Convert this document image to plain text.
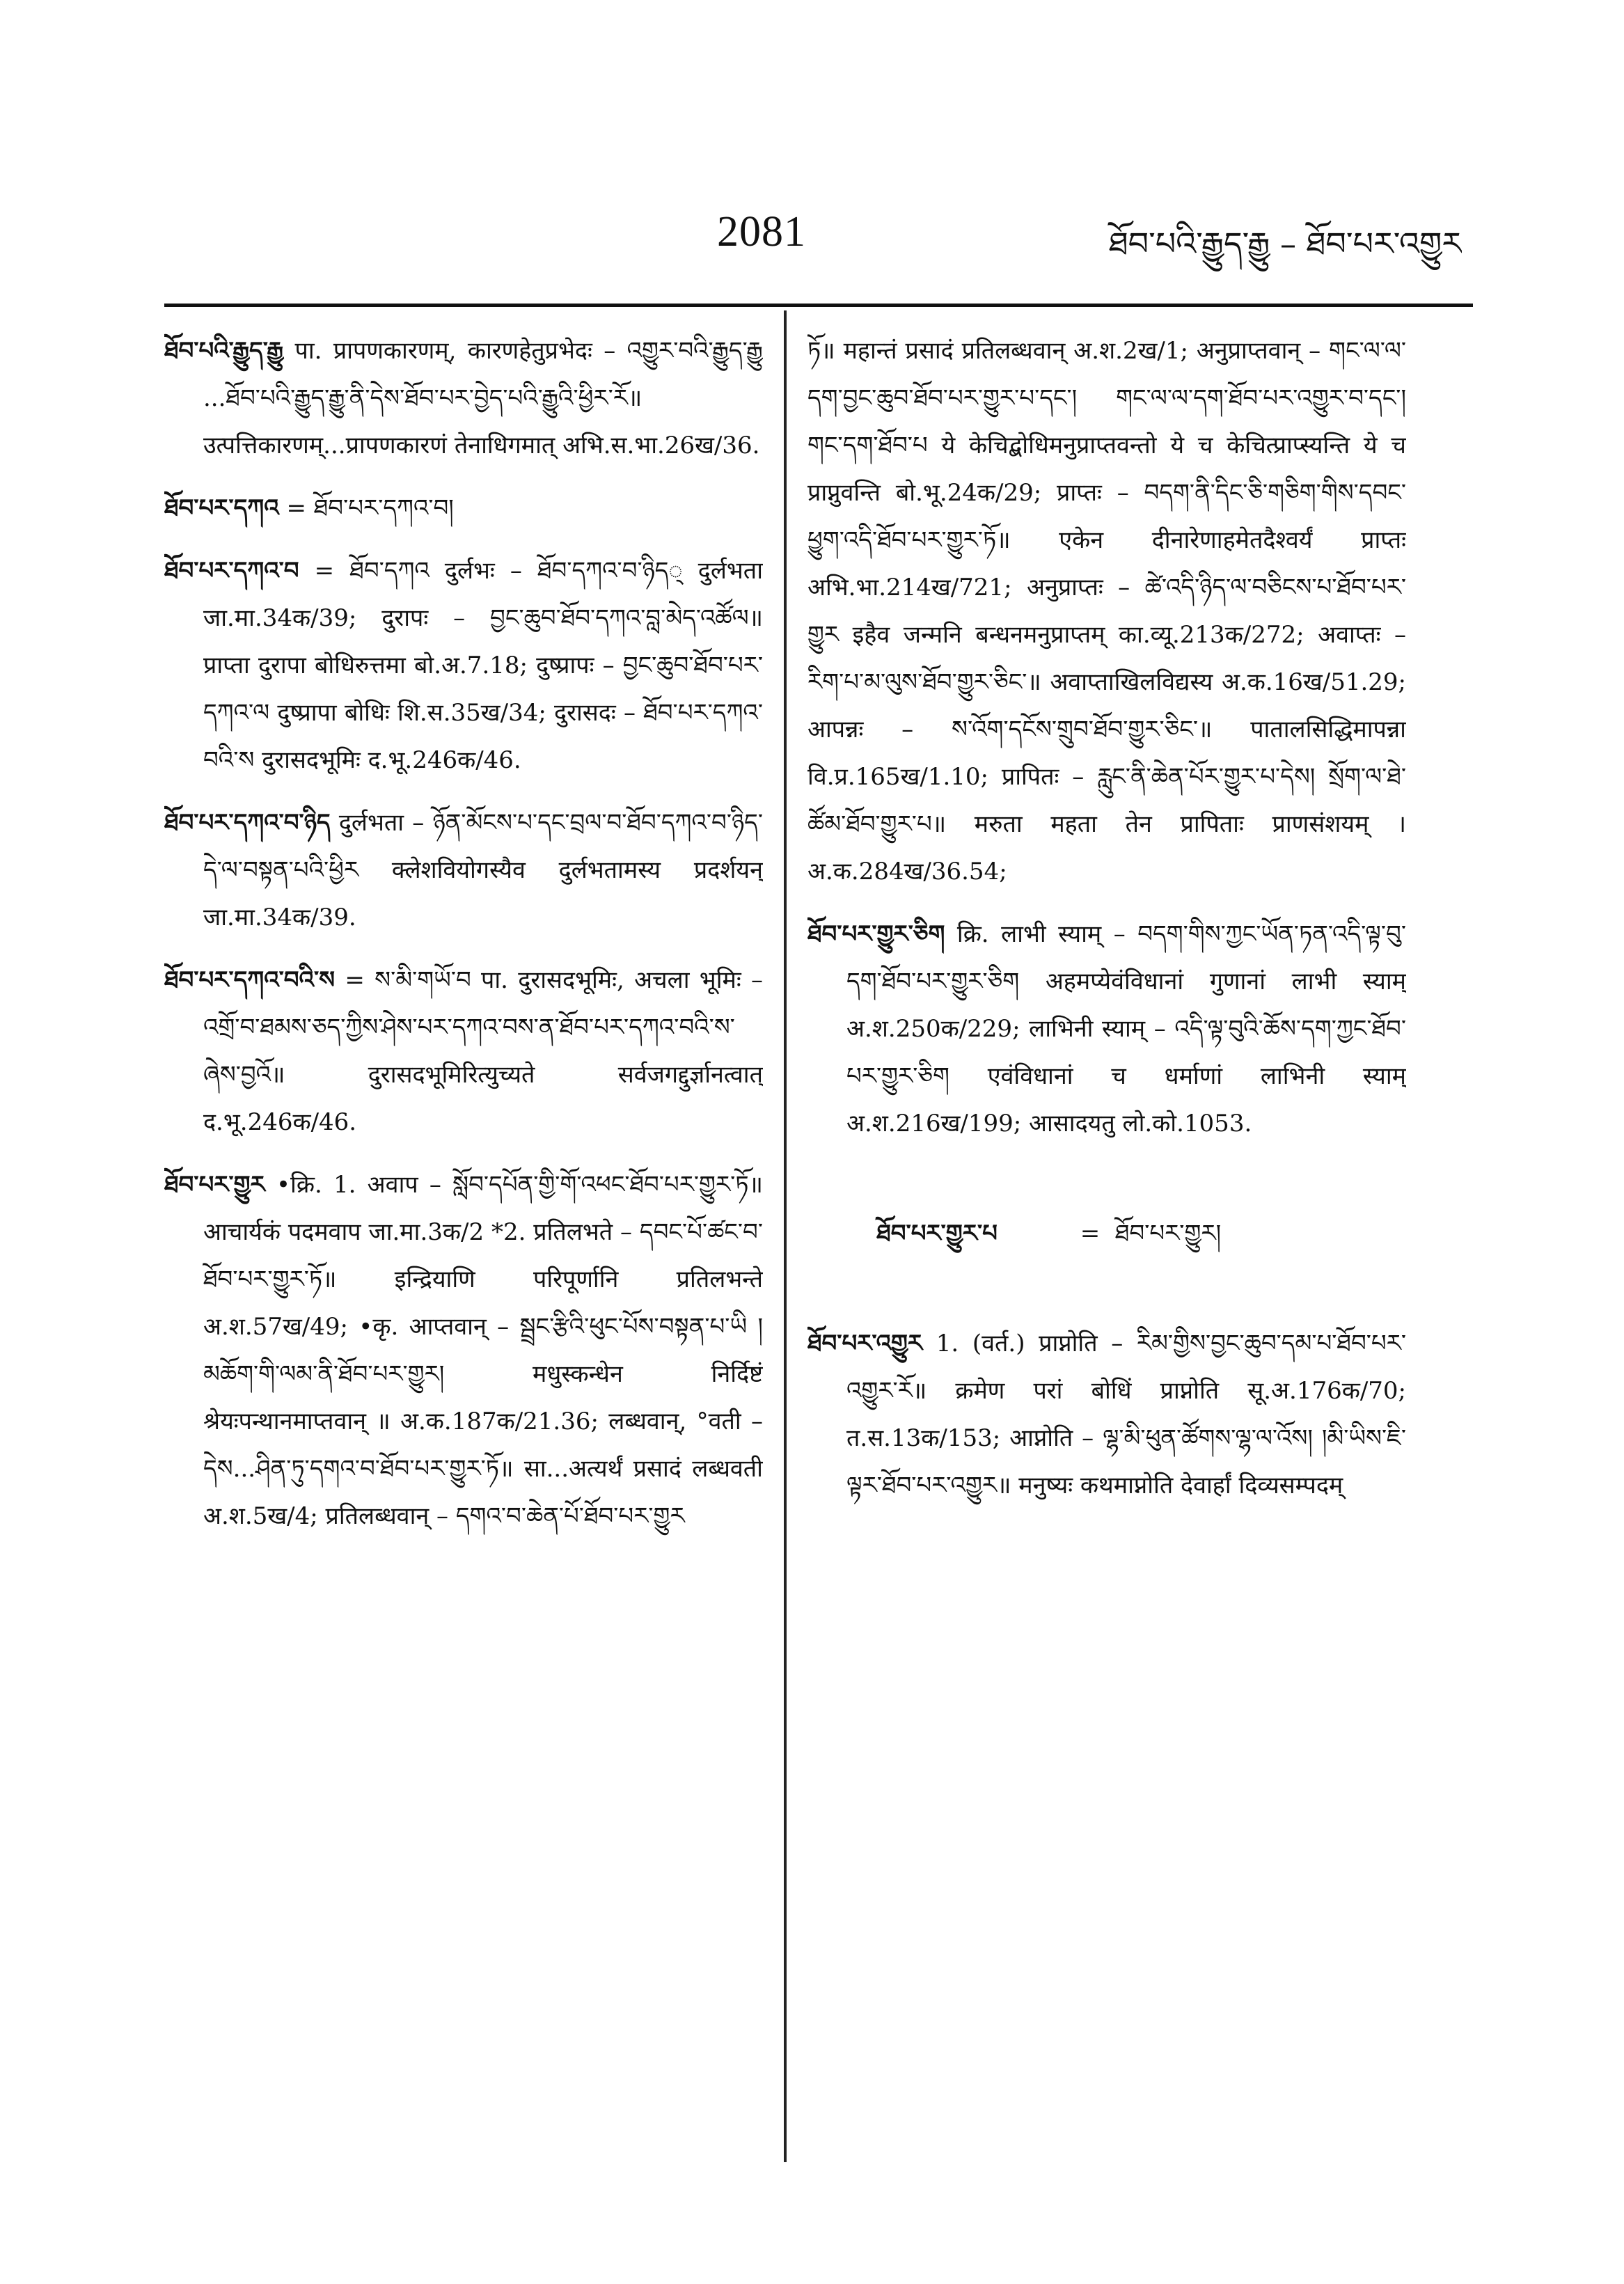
2081	ཐོབ་པའི་རྒྱུད་རྒྱུ – ཐོབ་པར་འགྱུར

ཐོབ་པའི་རྒྱུད་རྒྱུ पा. प्रापणकारणम्, कारणहेतुप्रभेदः – འགྱུར་བའི་རྒྱུད་རྒྱུ ...ཐོབ་པའི་རྒྱུད་རྒྱུ་ནི་དེས་ཐོབ་པར་བྱེད་པའི་རྒྱུའི་ཕྱིར་རོ॥ उत्पत्तिकारणम्...प्रापणकारणं तेनाधिगमात् अभि.स.भा.26ख/36.

ཐོབ་པར་དཀའ = ཐོབ་པར་དཀའ་བ།

ཐོབ་པར་དཀའ་བ = ཐོབ་དཀའ दुर्लभः – ཐོབ་དཀའ་བ་ཉིད् दुर्लभता जा.मा.34क/39; दुरापः – བྱང་ཆུབ་ཐོབ་དཀའ་བླ་མེད་འཚོལ॥ प्राप्ता दुरापा बोधिरुत्तमा बो.अ.7.18; दुष्प्रापः – བྱང་ཆུབ་ཐོབ་པར་དཀའ་ལ दुष्प्रापा बोधिः शि.स.35ख/34; दुरासदः – ཐོབ་པར་དཀའ་བའི་ས दुरासदभूमिः द.भू.246क/46.

ཐོབ་པར་དཀའ་བ་ཉིད दुर्लभता – ཉོན་མོངས་པ་དང་བྲལ་བ་ཐོབ་དཀའ་བ་ཉིད་དེ་ལ་བསྟན་པའི་ཕྱིར क्लेशवियोगस्यैव दुर्लभतामस्य प्रदर्शयन् जा.मा.34क/39.

ཐོབ་པར་དཀའ་བའི་ས = ས་མི་གཡོ་བ पा. दुरासदभूमिः, अचला भूमिः – འགྲོ་བ་ཐམས་ཅད་ཀྱིས་ཤེས་པར་དཀའ་བས་ན་ཐོབ་པར་དཀའ་བའི་ས་ཞེས་བྱའོ॥ दुरासदभूमिरित्युच्यते सर्वजगद्दुर्ज्ञानत्वात् द.भू.246क/46.

ཐོབ་པར་གྱུར •क्रि. 1. अवाप – སློབ་དཔོན་གྱི་གོ་འཕང་ཐོབ་པར་གྱུར་ཏོ॥ आचार्यकं पदमवाप जा.मा.3क/2 *2. प्रतिलभते – དབང་པོ་ཚང་བ་ཐོབ་པར་གྱུར་ཏོ॥ इन्द्रियाणि परिपूर्णानि प्रतिलभन्ते अ.श.57ख/49; •कृ. आप्तवान् – སྦྲང་རྩིའི་ཕུང་པོས་བསྟན་པ་ཡི །མཆོག་གི་ལམ་ནི་ཐོབ་པར་གྱུར། मधुस्कन्धेन निर्दिष्टं श्रेयःपन्थानमाप्तवान् ॥ अ.क.187क/21.36; लब्धवान्, °वती – དེས...ཤིན་ཏུ་དགའ་བ་ཐོབ་པར་གྱུར་ཏོ॥ सा...अत्यर्थं प्रसादं लब्धवती अ.श.5ख/4; प्रतिलब्धवान् – དགའ་བ་ཆེན་པོ་ཐོབ་པར་གྱུར

ཏོ॥ महान्तं प्रसादं प्रतिलब्धवान् अ.श.2ख/1; अनुप्राप्तवान् – གང་ལ་ལ་དག་བྱང་ཆུབ་ཐོབ་པར་གྱུར་པ་དང་། གང་ལ་ལ་དག་ཐོབ་པར་འགྱུར་བ་དང་། གང་དག་ཐོབ་པ ये केचिद्बोधिमनुप्राप्तवन्तो ये च केचित्प्राप्स्यन्ति ये च प्राप्नुवन्ति बो.भू.24क/29; प्राप्तः – བདག་ནི་དིང་ཅི་གཅིག་གིས་དབང་ཕྱུག་འདི་ཐོབ་པར་གྱུར་ཏོ॥ एकेन दीनारेणाहमेतदैश्वर्यं प्राप्तः अभि.भा.214ख/721; अनुप्राप्तः – ཚེ་འདི་ཉིད་ལ་བཅིངས་པ་ཐོབ་པར་གྱུར इहैव जन्मनि बन्धनमनुप्राप्तम् का.व्यू.213क/272; अवाप्तः – རིག་པ་མ་ལུས་ཐོབ་གྱུར་ཅིང་॥ अवाप्ताखिलविद्यस्य अ.क.16ख/51.29; आपन्नः – ས་འོག་དངོས་གྲུབ་ཐོབ་གྱུར་ཅིང་॥ पातालसिद्धिमापन्ना वि.प्र.165ख/1.10; प्रापितः – རླུང་ནི་ཆེན་པོར་གྱུར་པ་དེས། སྲོག་ལ་ཐེ་ཚོམ་ཐོབ་གྱུར་པ॥ मरुता महता तेन प्रापिताः प्राणसंशयम् । अ.क.284ख/36.54;

ཐོབ་པར་གྱུར་ཅིག क्रि. लाभी स्याम् – བདག་གིས་ཀྱང་ཡོན་ཏན་འདི་ལྟ་བུ་དག་ཐོབ་པར་གྱུར་ཅིག अहमप्येवंविधानां गुणानां लाभी स्याम् अ.श.250क/229; लाभिनी स्याम् – འདི་ལྟ་བུའི་ཆོས་དག་ཀྱང་ཐོབ་པར་གྱུར་ཅིག एवंविधानां च धर्माणां लाभिनी स्याम् अ.श.216ख/199; आसादयतु लो.को.1053.

ཐོབ་པར་གྱུར་པ           =  ཐོབ་པར་གྱུར།

ཐོབ་པར་འགྱུར 1. (वर्त.) प्राप्नोति – རིམ་གྱིས་བྱང་ཆུབ་དམ་པ་ཐོབ་པར་འགྱུར་རོ॥ क्रमेण परां बोधिं प्राप्नोति सू.अ.176क/70; त.स.13क/153; आप्नोति – ལྷ་མི་ཕུན་ཚོགས་ལྷ་ལ་འོས། །མི་ཡིས་ཇི་ལྟར་ཐོབ་པར་འགྱུར॥ मनुष्यः कथमाप्नोति देवार्हां दिव्यसम्पदम्
